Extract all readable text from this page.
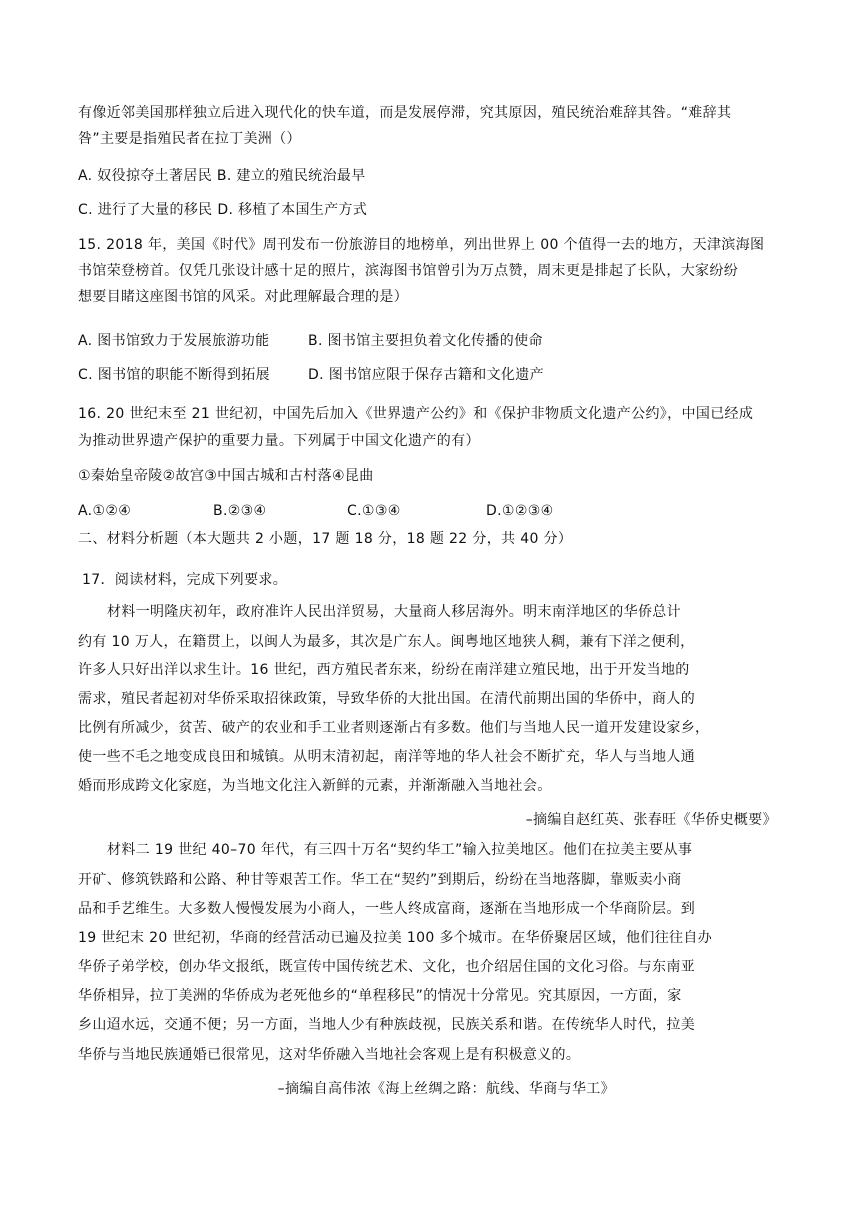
有像近邻美国那样独立后进入现代化的快车道，而是发展停滞，究其原因，殖民统治难辞其咎。“难辞其
咎”主要是指殖民者在拉丁美洲（）
A. 奴役掠夺土著居民 B. 建立的殖民统治最早
C. 进行了大量的移民 D. 移植了本国生产方式
15. 2018 年，美国《时代》周刊发布一份旅游目的地榜单，列出世界上 00 个值得一去的地方，天津滨海图
书馆荣登榜首。仅凭几张设计感十足的照片，滨海图书馆曾引为万点赞，周末更是排起了长队，大家纷纷
想要目睹这座图书馆的风采。对此理解最合理的是）
A. 图书馆致力于发展旅游功能	B. 图书馆主要担负着文化传播的使命
C. 图书馆的职能不断得到拓展	D. 图书馆应限于保存古籍和文化遗产
16. 20 世纪末至 21 世纪初，中国先后加入《世界遗产公约》和《保护非物质文化遗产公约》，中国已经成
为推动世界遗产保护的重要力量。下列属于中国文化遗产的有）
①秦始皇帝陵②故宫③中国古城和古村落④昆曲
A.①②④	B.②③④	C.①③④	D.①②③④
二、材料分析题（本大题共 2 小题，17 题 18 分，18 题 22 分，共 40 分）
17．阅读材料，完成下列要求。
材料一明隆庆初年，政府准许人民出洋贸易，大量商人移居海外。明末南洋地区的华侨总计
约有 10 万人，在籍贯上，以闽人为最多，其次是广东人。闽粤地区地狭人稠，兼有下洋之便利，
许多人只好出洋以求生计。16 世纪，西方殖民者东来，纷纷在南洋建立殖民地，出于开发当地的
需求，殖民者起初对华侨采取招徕政策，导致华侨的大批出国。在清代前期出国的华侨中，商人的
比例有所减少，贫苦、破产的农业和手工业者则逐渐占有多数。他们与当地人民一道开发建设家乡，
使一些不毛之地变成良田和城镇。从明末清初起，南洋等地的华人社会不断扩充，华人与当地人通
婚而形成跨文化家庭，为当地文化注入新鲜的元素，并渐渐融入当地社会。
–摘编自赵红英、张春旺《华侨史概要》
材料二 19 世纪 40–70 年代，有三四十万名“契约华工”输入拉美地区。他们在拉美主要从事
开矿、修筑铁路和公路、种甘等艰苦工作。华工在“契约”到期后，纷纷在当地落脚，靠贩卖小商
品和手艺维生。大多数人慢慢发展为小商人，一些人终成富商，逐渐在当地形成一个华商阶层。到
19 世纪末 20 世纪初，华商的经营活动已遍及拉美 100 多个城市。在华侨聚居区域，他们往往自办
华侨子弟学校，创办华文报纸，既宣传中国传统艺术、文化，也介绍居住国的文化习俗。与东南亚
华侨相异，拉丁美洲的华侨成为老死他乡的“单程移民”的情况十分常见。究其原因，一方面，家
乡山迢水远，交通不便；另一方面，当地人少有种族歧视，民族关系和谐。在传统华人时代，拉美
华侨与当地民族通婚已很常见，这对华侨融入当地社会客观上是有积极意义的。
–摘编自高伟浓《海上丝绸之路：航线、华商与华工》
